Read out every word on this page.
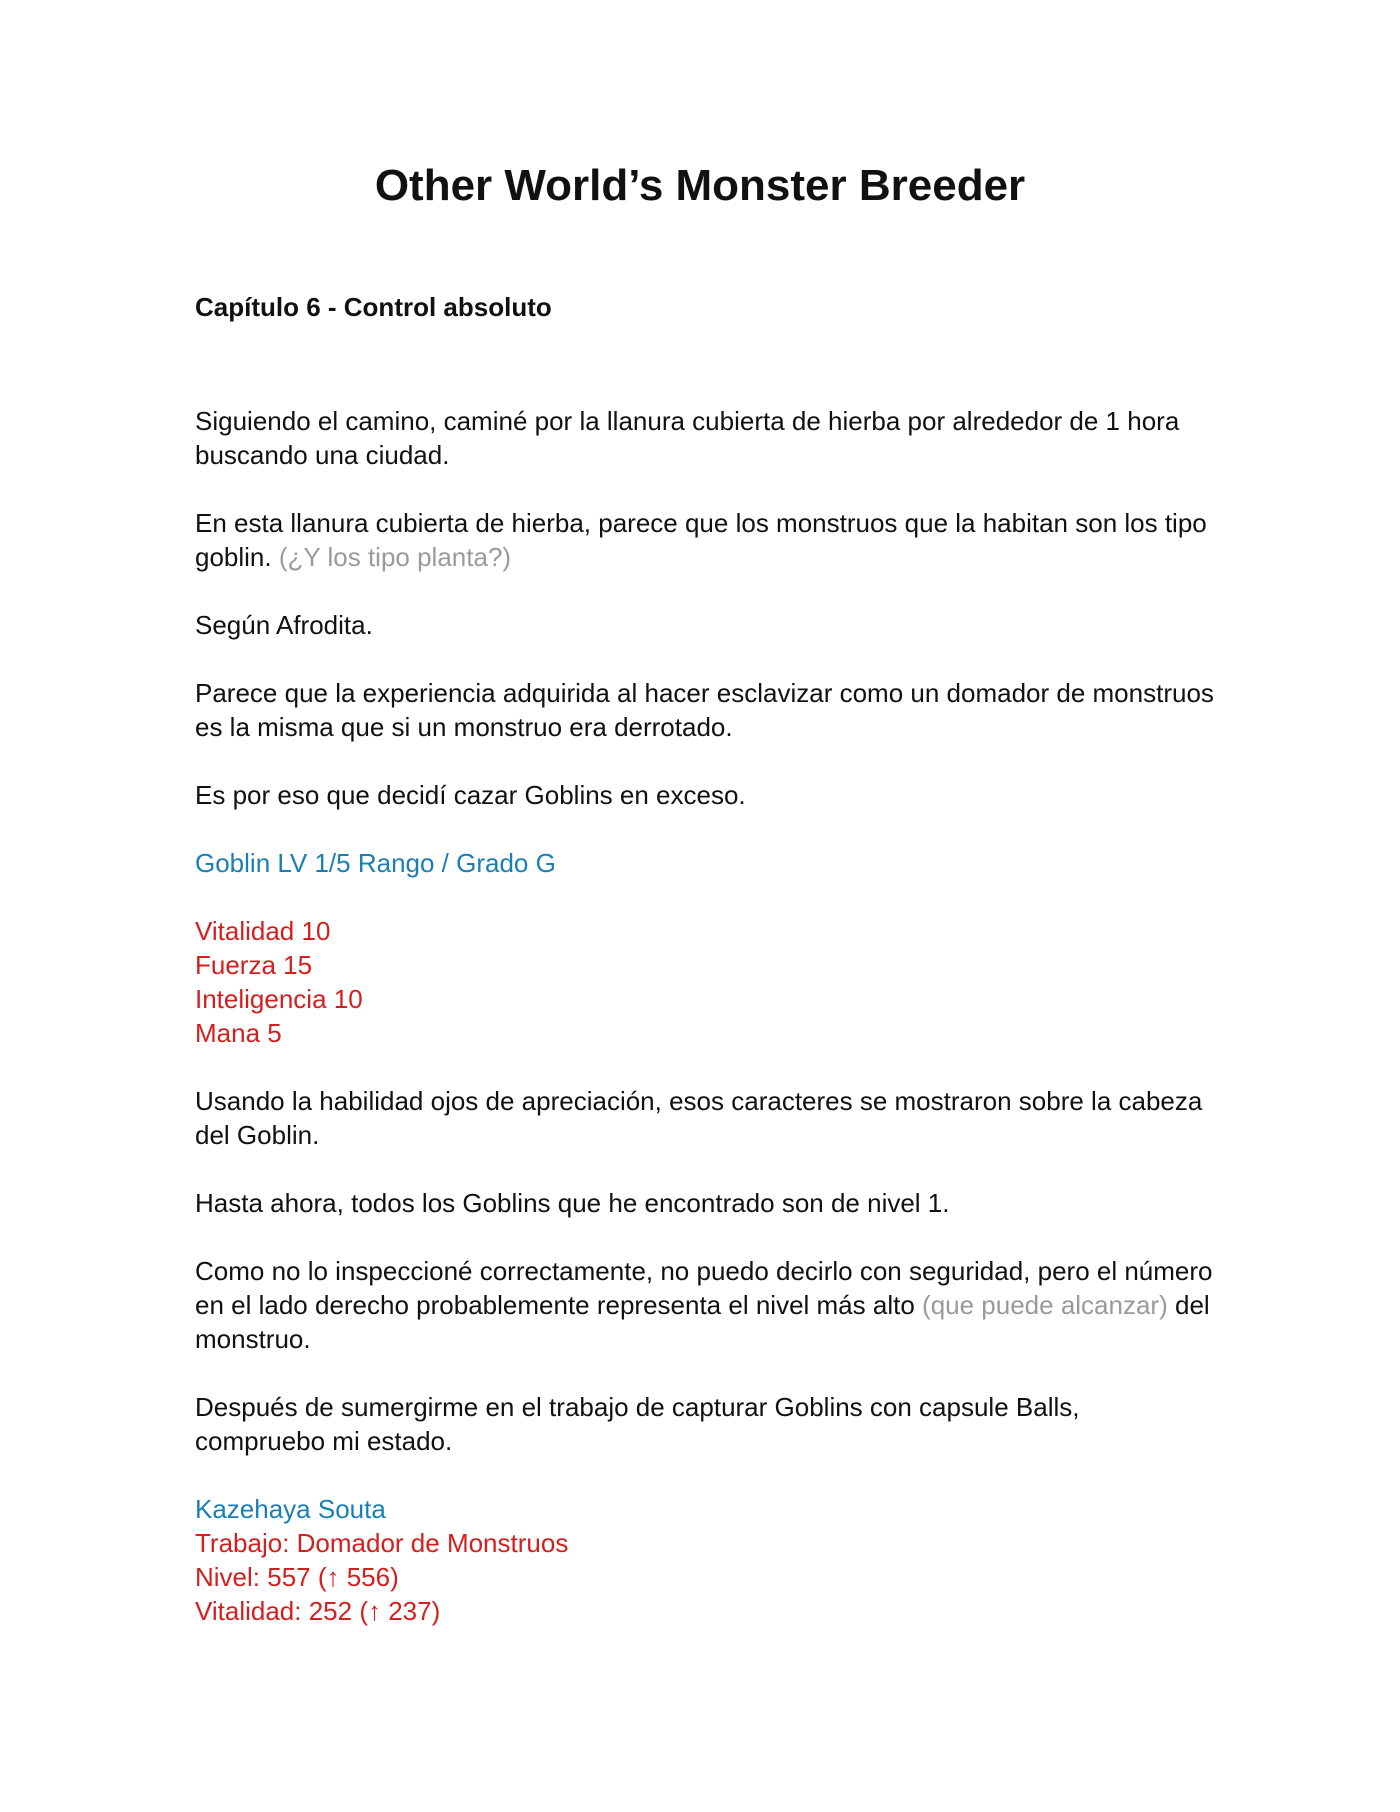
Other World’s Monster Breeder

Capítulo 6 - Control absoluto

Siguiendo el camino, caminé por la llanura cubierta de hierba por alrededor de 1 hora buscando una ciudad.

En esta llanura cubierta de hierba, parece que los monstruos que la habitan son los tipo goblin. (¿Y los tipo planta?)

Según Afrodita.

Parece que la experiencia adquirida al hacer esclavizar como un domador de monstruos es la misma que si un monstruo era derrotado.

Es por eso que decidí cazar Goblins en exceso.

Goblin LV 1/5 Rango / Grado G

Vitalidad 10

Fuerza 15

Inteligencia 10

Mana 5

Usando la habilidad ojos de apreciación, esos caracteres se mostraron sobre la cabeza del Goblin.

Hasta ahora, todos los Goblins que he encontrado son de nivel 1.

Como no lo inspeccioné correctamente, no puedo decirlo con seguridad, pero el número en el lado derecho probablemente representa el nivel más alto (que puede alcanzar) del monstruo.

Después de sumergirme en el trabajo de capturar Goblins con capsule Balls, compruebo mi estado.

Kazehaya Souta

Trabajo: Domador de Monstruos

Nivel: 557 (↑ 556)

Vitalidad: 252 (↑ 237)
